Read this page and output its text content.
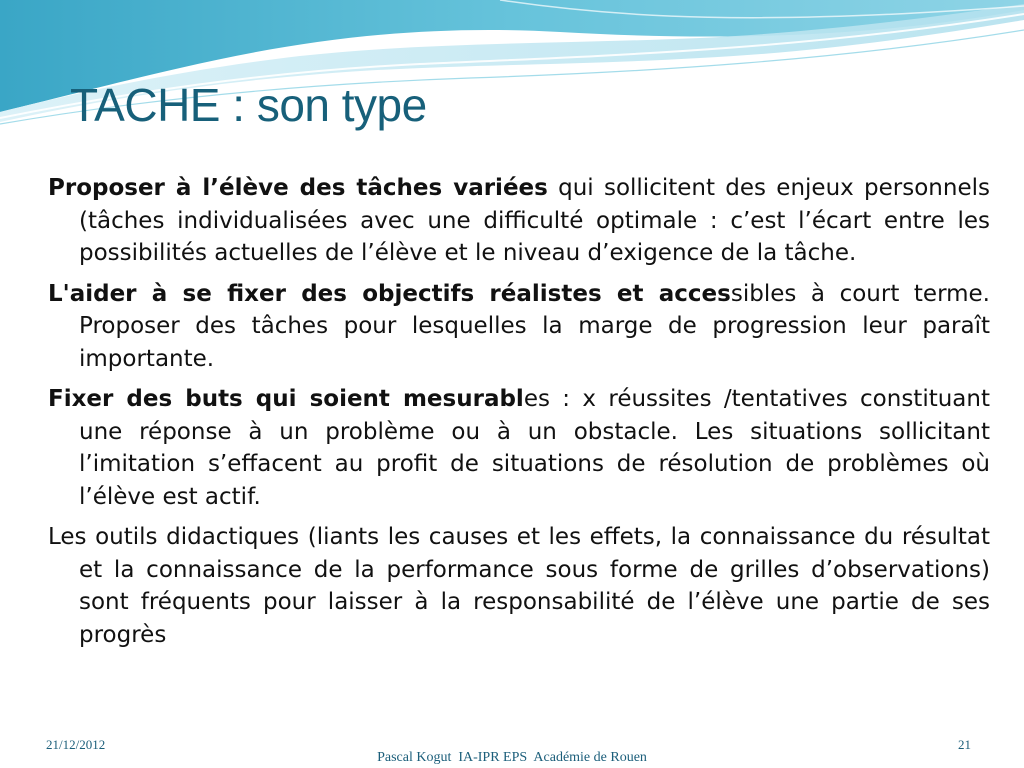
TACHE : son type

Proposer à l’élève des tâches variées qui sollicitent des enjeux personnels (tâches individualisées avec une difficulté optimale : c’est l’écart entre les possibilités actuelles de l’élève et le niveau d’exigence de la tâche.

L'aider à se fixer des objectifs réalistes et accessibles à court terme. Proposer des tâches pour lesquelles la marge de progression leur paraît importante.

Fixer des buts qui soient mesurables : x réussites /tentatives constituant une réponse à un problème ou à un obstacle. Les situations sollicitant l’imitation s’effacent au profit de situations de résolution de problèmes où l’élève est actif.

Les outils didactiques (liants les causes et les effets, la connaissance du résultat et la connaissance de la performance sous forme de grilles d’observations) sont fréquents pour laisser à la responsabilité de l’élève une partie de ses progrès

21/12/2012	21
Pascal Kogut  IA-IPR EPS  Académie de Rouen
